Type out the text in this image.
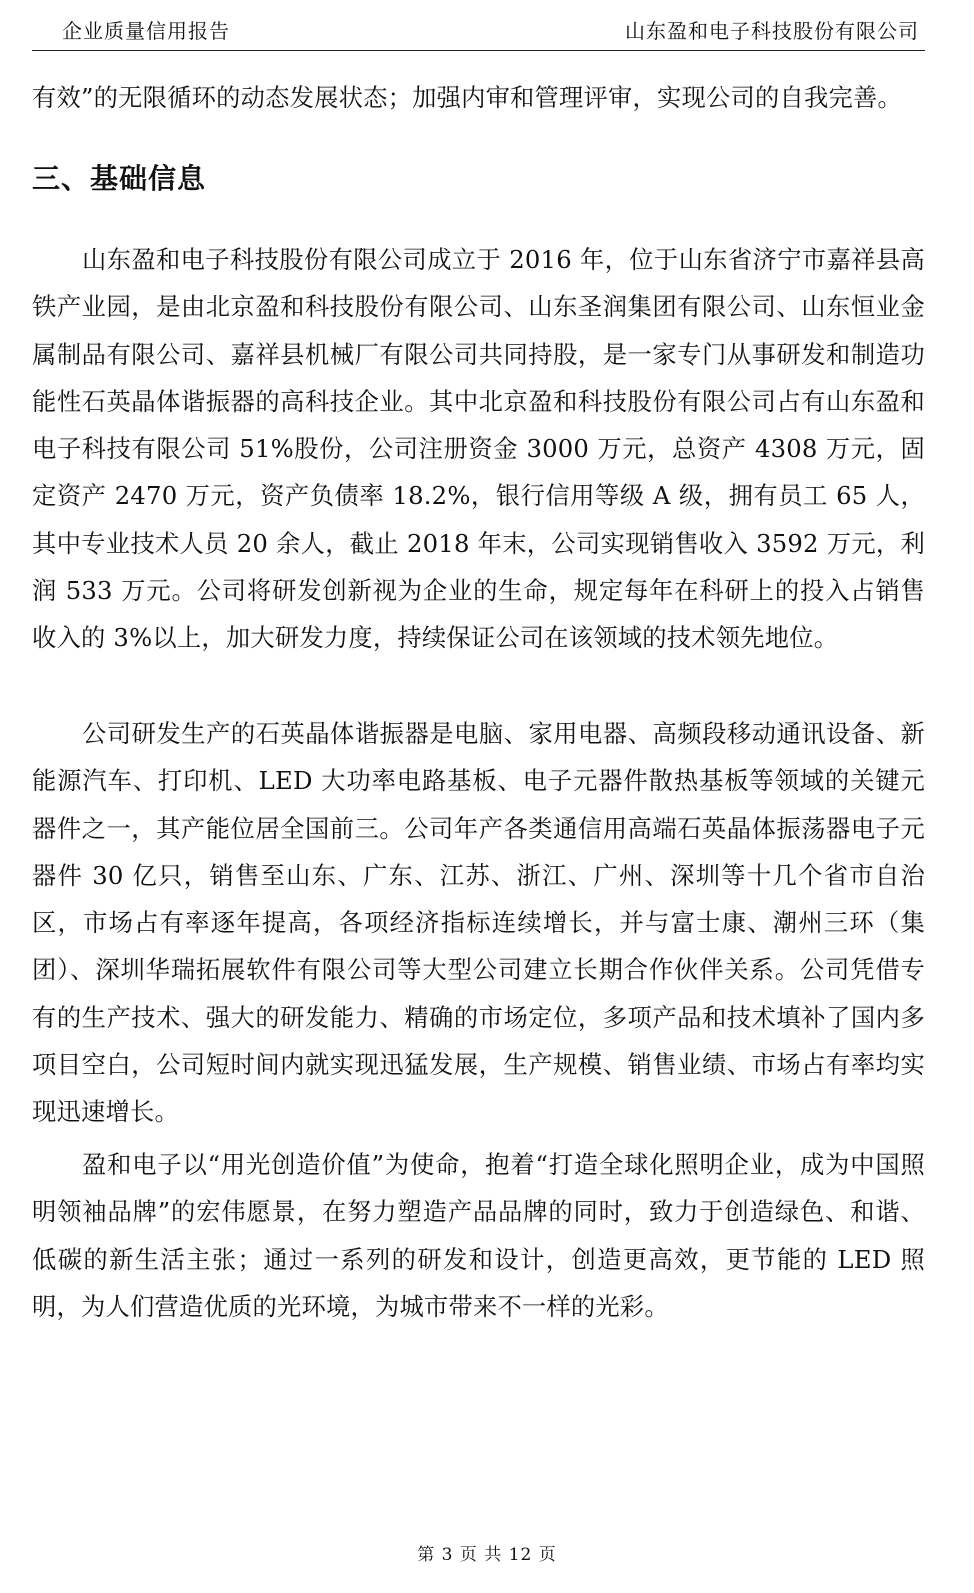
企业质量信用报告	山东盈和电子科技股份有限公司

有效”的无限循环的动态发展状态；加强内审和管理评审，实现公司的自我完善。

三、基础信息

山东盈和电子科技股份有限公司成立于 2016 年，位于山东省济宁市嘉祥县高铁产业园，是由北京盈和科技股份有限公司、山东圣润集团有限公司、山东恒业金属制品有限公司、嘉祥县机械厂有限公司共同持股，是一家专门从事研发和制造功能性石英晶体谐振器的高科技企业。其中北京盈和科技股份有限公司占有山东盈和电子科技有限公司 51%股份，公司注册资金 3000 万元，总资产 4308 万元，固定资产 2470 万元，资产负债率 18.2%，银行信用等级 A 级，拥有员工 65 人，其中专业技术人员 20 余人，截止 2018 年末，公司实现销售收入 3592 万元，利润 533 万元。公司将研发创新视为企业的生命，规定每年在科研上的投入占销售收入的 3%以上，加大研发力度，持续保证公司在该领域的技术领先地位。

公司研发生产的石英晶体谐振器是电脑、家用电器、高频段移动通讯设备、新能源汽车、打印机、LED 大功率电路基板、电子元器件散热基板等领域的关键元器件之一，其产能位居全国前三。公司年产各类通信用高端石英晶体振荡器电子元器件 30 亿只，销售至山东、广东、江苏、浙江、广州、深圳等十几个省市自治区，市场占有率逐年提高，各项经济指标连续增长，并与富士康、潮州三环（集团）、深圳华瑞拓展软件有限公司等大型公司建立长期合作伙伴关系。公司凭借专有的生产技术、强大的研发能力、精确的市场定位，多项产品和技术填补了国内多项目空白，公司短时间内就实现迅猛发展，生产规模、销售业绩、市场占有率均实现迅速增长。

盈和电子以“用光创造价值”为使命，抱着“打造全球化照明企业，成为中国照明领袖品牌”的宏伟愿景，在努力塑造产品品牌的同时，致力于创造绿色、和谐、低碳的新生活主张；通过一系列的研发和设计，创造更高效，更节能的 LED 照明，为人们营造优质的光环境，为城市带来不一样的光彩。

第 3 页 共 12 页
